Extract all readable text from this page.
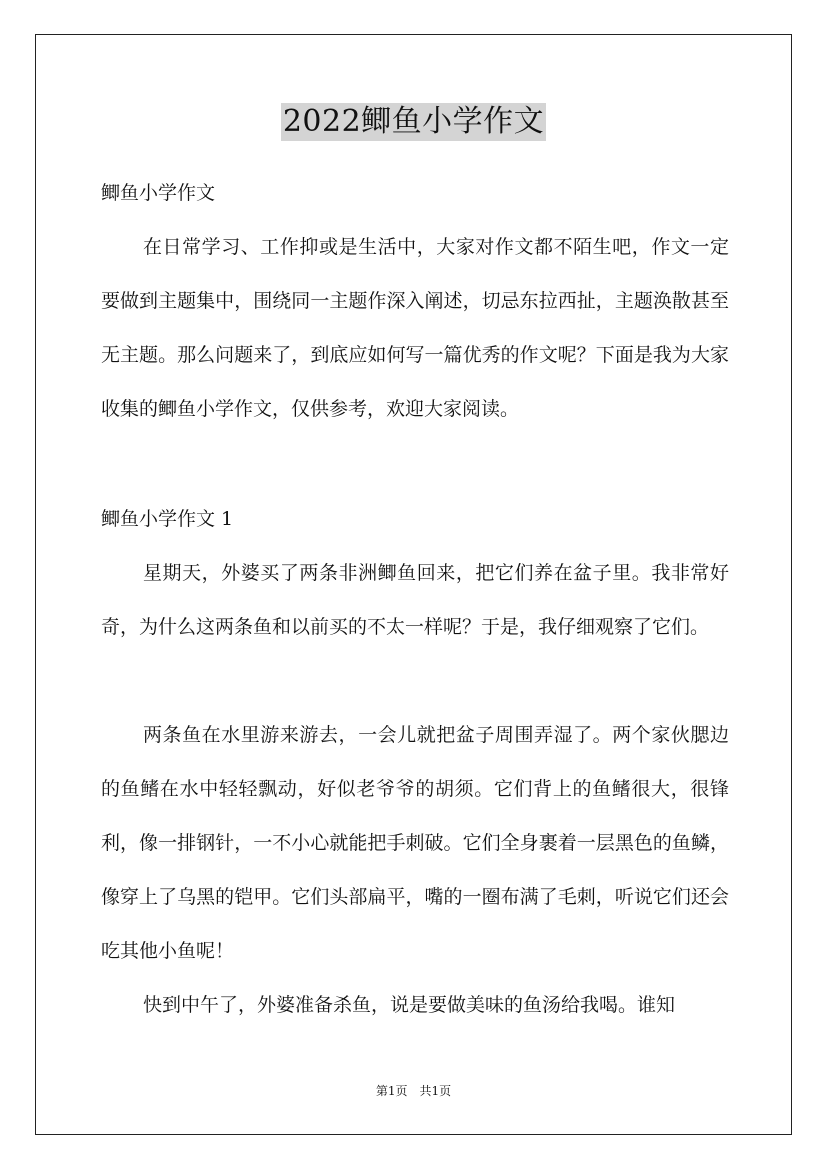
2022鲫鱼小学作文

鲫鱼小学作文

在日常学习、工作抑或是生活中，大家对作文都不陌生吧，作文一定要做到主题集中，围绕同一主题作深入阐述，切忌东拉西扯，主题涣散甚至无主题。那么问题来了，到底应如何写一篇优秀的作文呢？下面是我为大家收集的鲫鱼小学作文，仅供参考，欢迎大家阅读。

鲫鱼小学作文 1

星期天，外婆买了两条非洲鲫鱼回来，把它们养在盆子里。我非常好奇，为什么这两条鱼和以前买的不太一样呢？于是，我仔细观察了它们。

两条鱼在水里游来游去，一会儿就把盆子周围弄湿了。两个家伙腮边的鱼鳍在水中轻轻飘动，好似老爷爷的胡须。它们背上的鱼鳍很大，很锋利，像一排钢针，一不小心就能把手刺破。它们全身裹着一层黑色的鱼鳞，像穿上了乌黑的铠甲。它们头部扁平，嘴的一圈布满了毛刺，听说它们还会吃其他小鱼呢！

快到中午了，外婆准备杀鱼，说是要做美味的鱼汤给我喝。谁知

第1页　共1页
